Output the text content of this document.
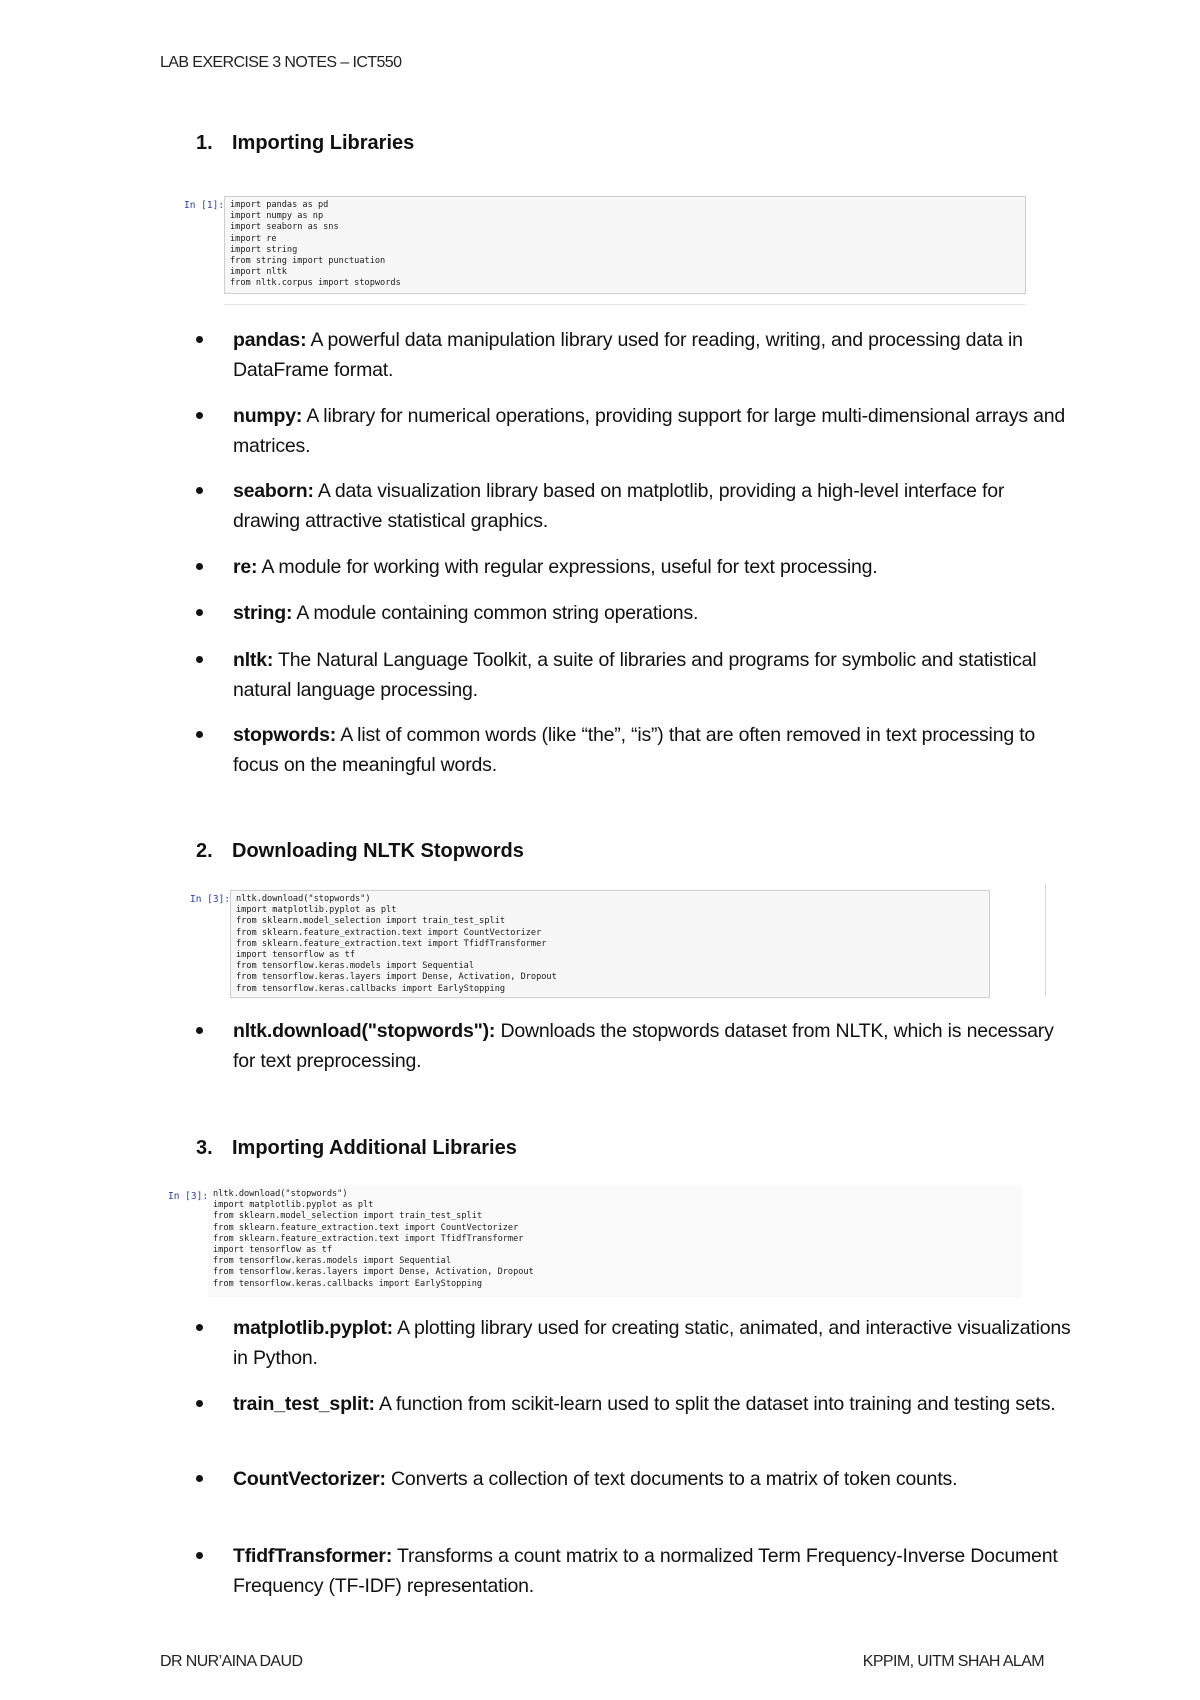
LAB EXERCISE 3 NOTES – ICT550
1. Importing Libraries
In [1]: import pandas as pd
import numpy as np
import seaborn as sns
import re
import string
from string import punctuation
import nltk
from nltk.corpus import stopwords
pandas: A powerful data manipulation library used for reading, writing, and processing data in DataFrame format.
numpy: A library for numerical operations, providing support for large multi-dimensional arrays and matrices.
seaborn: A data visualization library based on matplotlib, providing a high-level interface for drawing attractive statistical graphics.
re: A module for working with regular expressions, useful for text processing.
string: A module containing common string operations.
nltk: The Natural Language Toolkit, a suite of libraries and programs for symbolic and statistical natural language processing.
stopwords: A list of common words (like “the”, “is”) that are often removed in text processing to focus on the meaningful words.
2. Downloading NLTK Stopwords
In [3]: nltk.download("stopwords")
import matplotlib.pyplot as plt
from sklearn.model_selection import train_test_split
from sklearn.feature_extraction.text import CountVectorizer
from sklearn.feature_extraction.text import TfidfTransformer
import tensorflow as tf
from tensorflow.keras.models import Sequential
from tensorflow.keras.layers import Dense, Activation, Dropout
from tensorflow.keras.callbacks import EarlyStopping
nltk.download("stopwords"): Downloads the stopwords dataset from NLTK, which is necessary for text preprocessing.
3. Importing Additional Libraries
In [3]: nltk.download("stopwords")
import matplotlib.pyplot as plt
from sklearn.model_selection import train_test_split
from sklearn.feature_extraction.text import CountVectorizer
from sklearn.feature_extraction.text import TfidfTransformer
import tensorflow as tf
from tensorflow.keras.models import Sequential
from tensorflow.keras.layers import Dense, Activation, Dropout
from tensorflow.keras.callbacks import EarlyStopping
matplotlib.pyplot: A plotting library used for creating static, animated, and interactive visualizations in Python.
train_test_split: A function from scikit-learn used to split the dataset into training and testing sets.
CountVectorizer: Converts a collection of text documents to a matrix of token counts.
TfidfTransformer: Transforms a count matrix to a normalized Term Frequency-Inverse Document Frequency (TF-IDF) representation.
DR NUR’AINA DAUD	KPPIM, UITM SHAH ALAM
